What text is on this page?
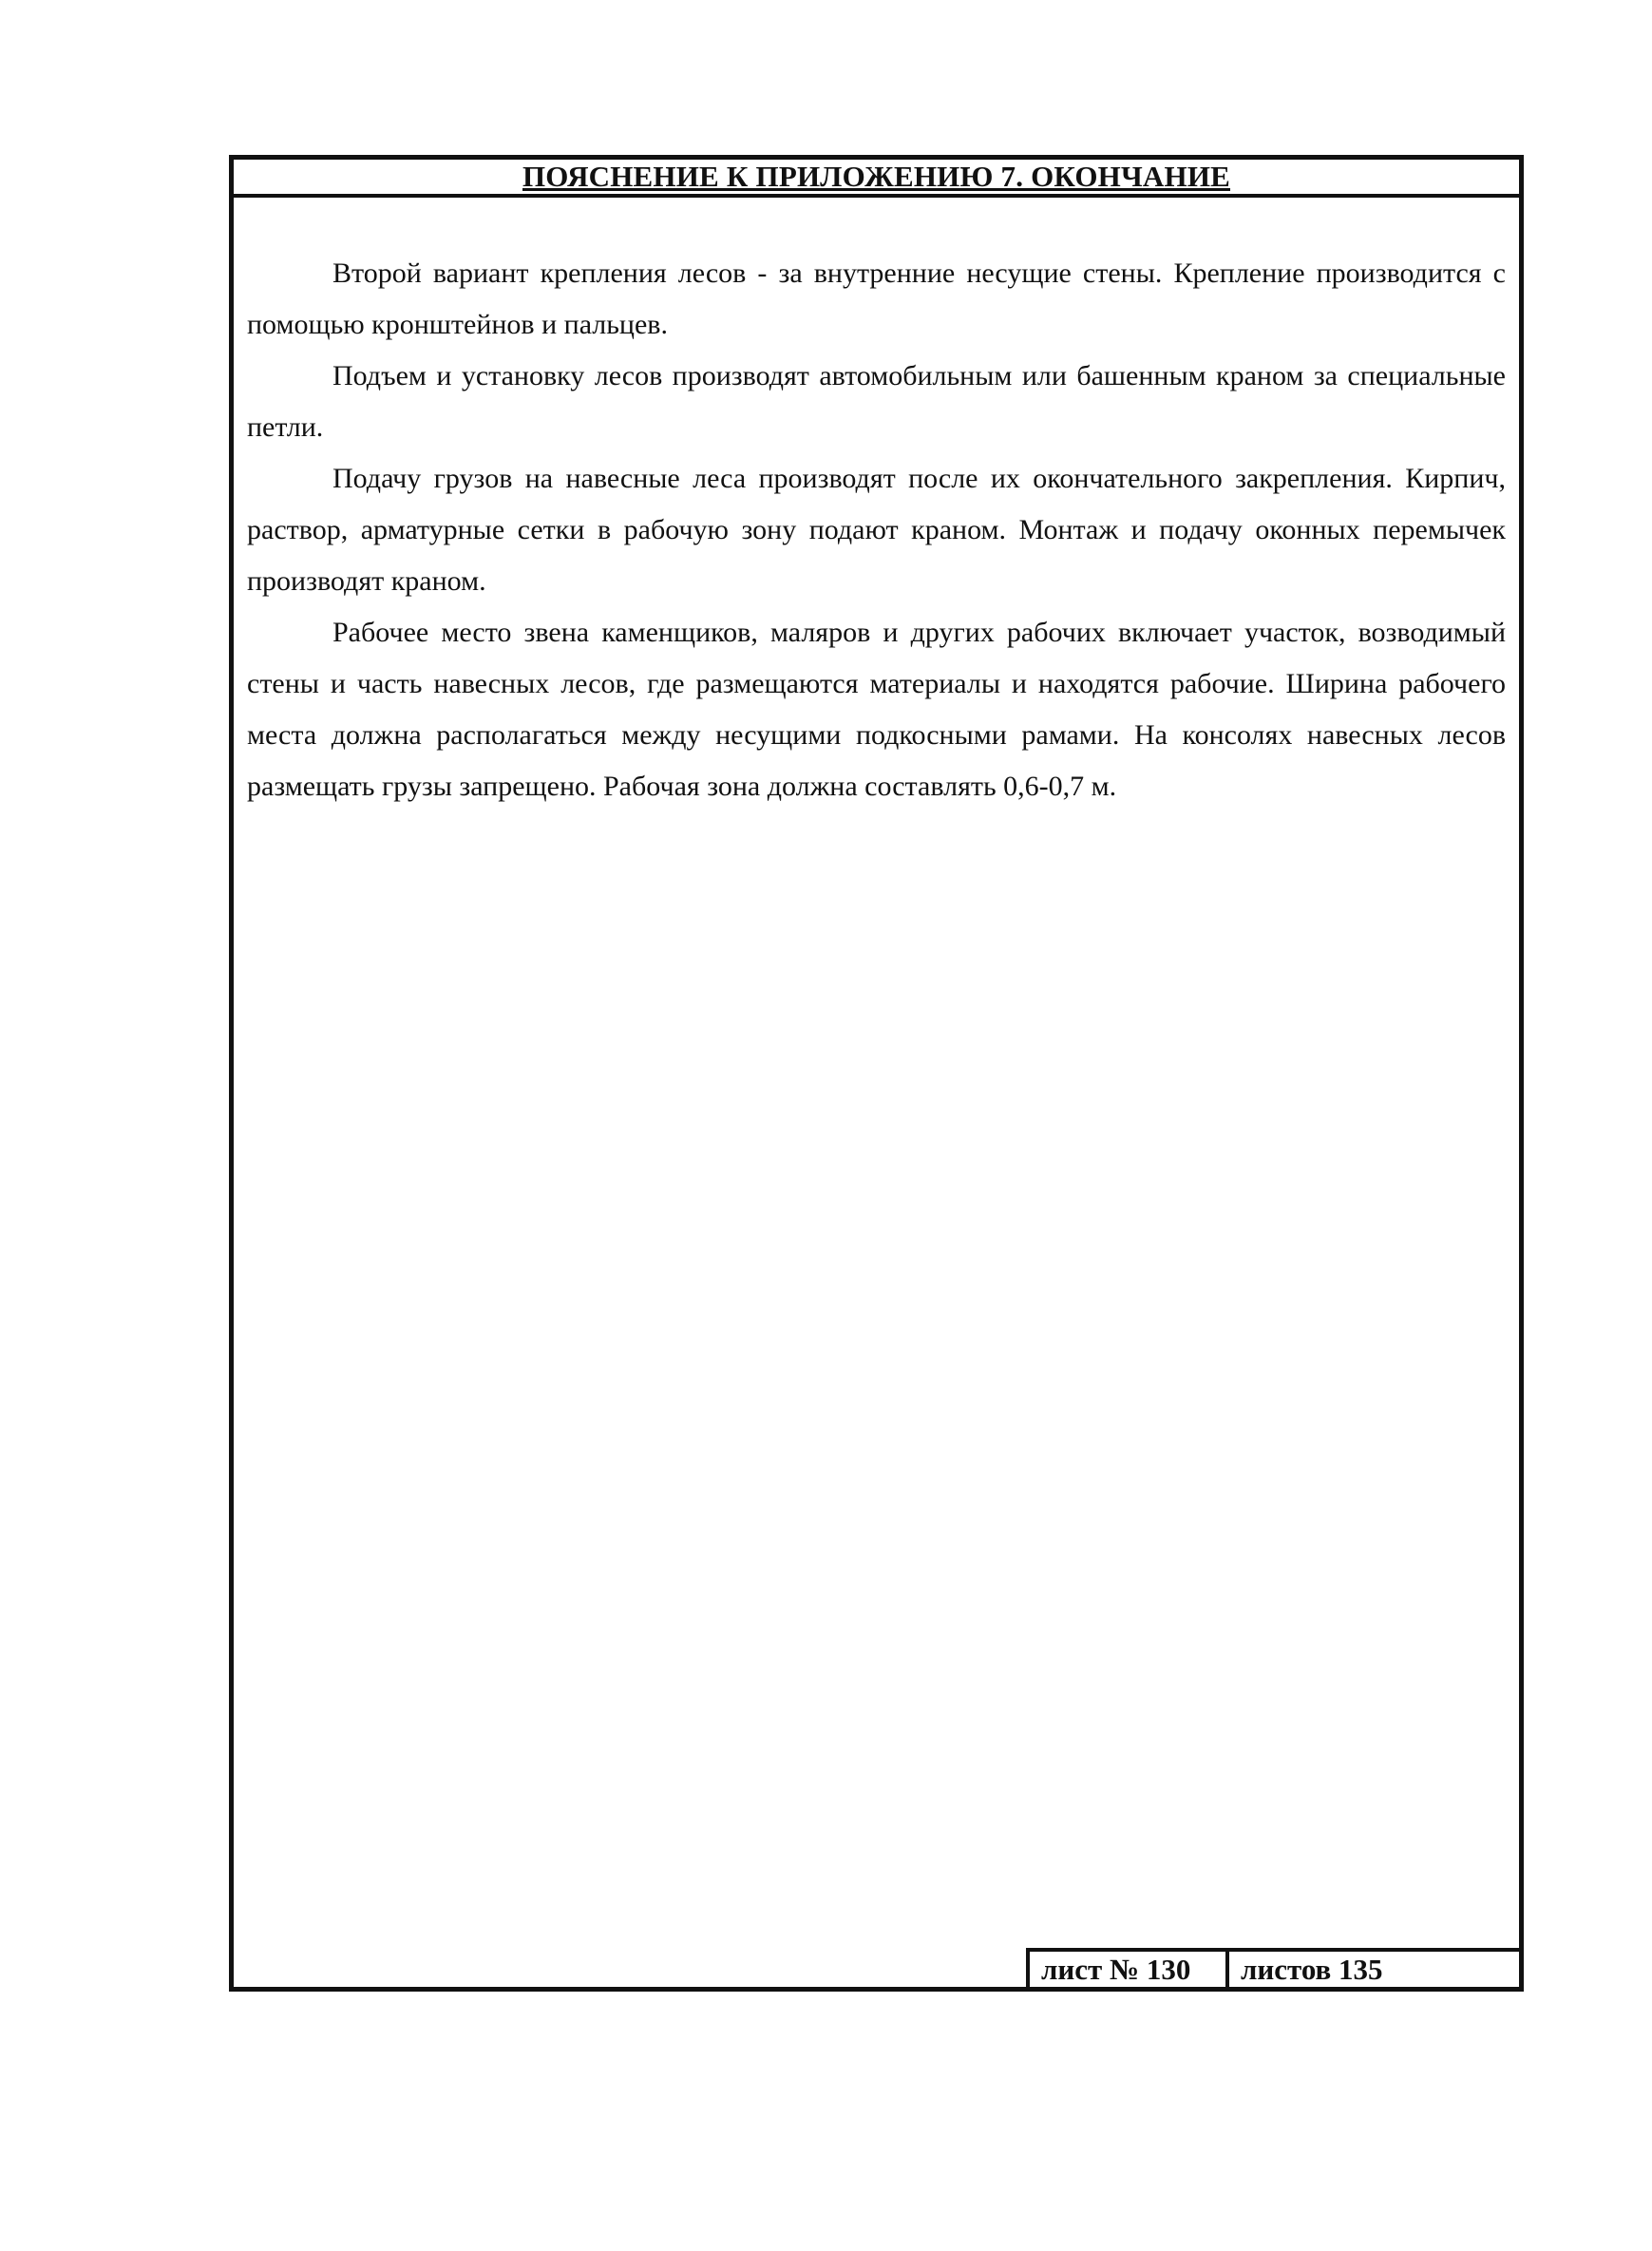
ПОЯСНЕНИЕ К ПРИЛОЖЕНИЮ 7. ОКОНЧАНИЕ

Второй вариант крепления лесов - за внутренние несущие стены. Крепление производится с помощью кронштейнов и пальцев.

Подъем и установку лесов производят автомобильным или башенным краном за специальные петли.

Подачу грузов на навесные леса производят после их окончательного закрепления. Кирпич, раствор, арматурные сетки в рабочую зону подают краном. Монтаж и подачу оконных перемычек производят краном.

Рабочее место звена каменщиков, маляров и других рабочих включает участок, возводимый стены и часть навесных лесов, где размещаются материалы и находятся рабочие. Ширина рабочего места должна располагаться между несущими подкосными рамами. На консолях навесных лесов размещать грузы запрещено. Рабочая зона должна составлять 0,6-0,7 м.

лист № 130	листов 135
